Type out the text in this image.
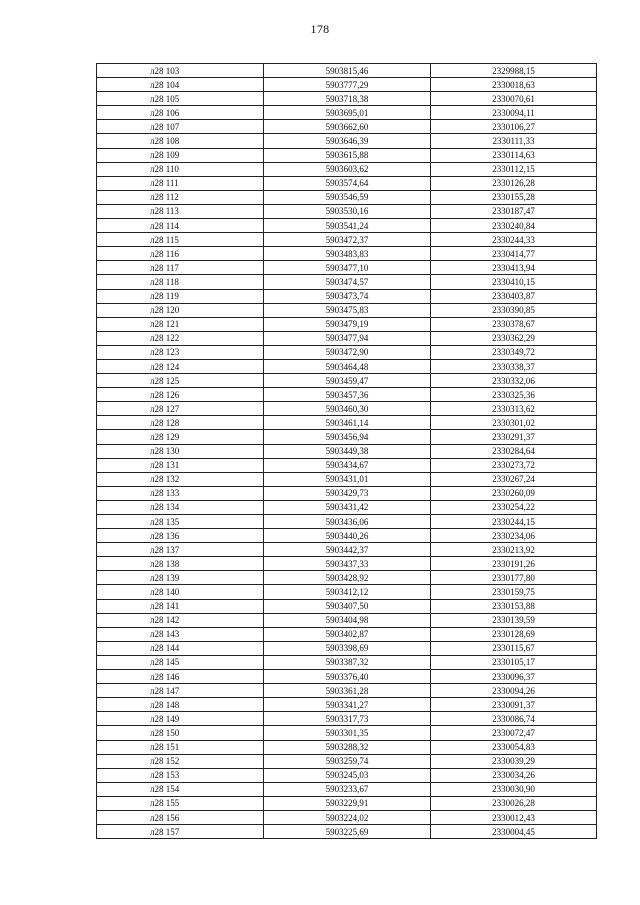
178
л28 103	5903815,46	2329988,15
л28 104	5903777,29	2330018,63
л28 105	5903718,38	2330070,61
л28 106	5903695,01	2330094,11
л28 107	5903662,60	2330106,27
л28 108	5903646,39	2330111,33
л28 109	5903615,88	2330114,63
л28 110	5903603,62	2330112,15
л28 111	5903574,64	2330126,28
л28 112	5903546,59	2330155,28
л28 113	5903530,16	2330187,47
л28 114	5903541,24	2330240,84
л28 115	5903472,37	2330244,33
л28 116	5903483,83	2330414,77
л28 117	5903477,10	2330413,94
л28 118	5903474,57	2330410,15
л28 119	5903473,74	2330403,87
л28 120	5903475,83	2330390,85
л28 121	5903479,19	2330378,67
л28 122	5903477,94	2330362,29
л28 123	5903472,90	2330349,72
л28 124	5903464,48	2330338,37
л28 125	5903459,47	2330332,06
л28 126	5903457,36	2330325,36
л28 127	5903460,30	2330313,62
л28 128	5903461,14	2330301,02
л28 129	5903456,94	2330291,37
л28 130	5903449,38	2330284,64
л28 131	5903434,67	2330273,72
л28 132	5903431,01	2330267,24
л28 133	5903429,73	2330260,09
л28 134	5903431,42	2330254,22
л28 135	5903436,06	2330244,15
л28 136	5903440,26	2330234,06
л28 137	5903442,37	2330213,92
л28 138	5903437,33	2330191,26
л28 139	5903428,92	2330177,80
л28 140	5903412,12	2330159,75
л28 141	5903407,50	2330153,88
л28 142	5903404,98	2330139,59
л28 143	5903402,87	2330128,69
л28 144	5903398,69	2330115,67
л28 145	5903387,32	2330105,17
л28 146	5903376,40	2330096,37
л28 147	5903361,28	2330094,26
л28 148	5903341,27	2330091,37
л28 149	5903317,73	2330086,74
л28 150	5903301,35	2330072,47
л28 151	5903288,32	2330054,83
л28 152	5903259,74	2330039,29
л28 153	5903245,03	2330034,26
л28 154	5903233,67	2330030,90
л28 155	5903229,91	2330026,28
л28 156	5903224,02	2330012,43
л28 157	5903225,69	2330004,45
